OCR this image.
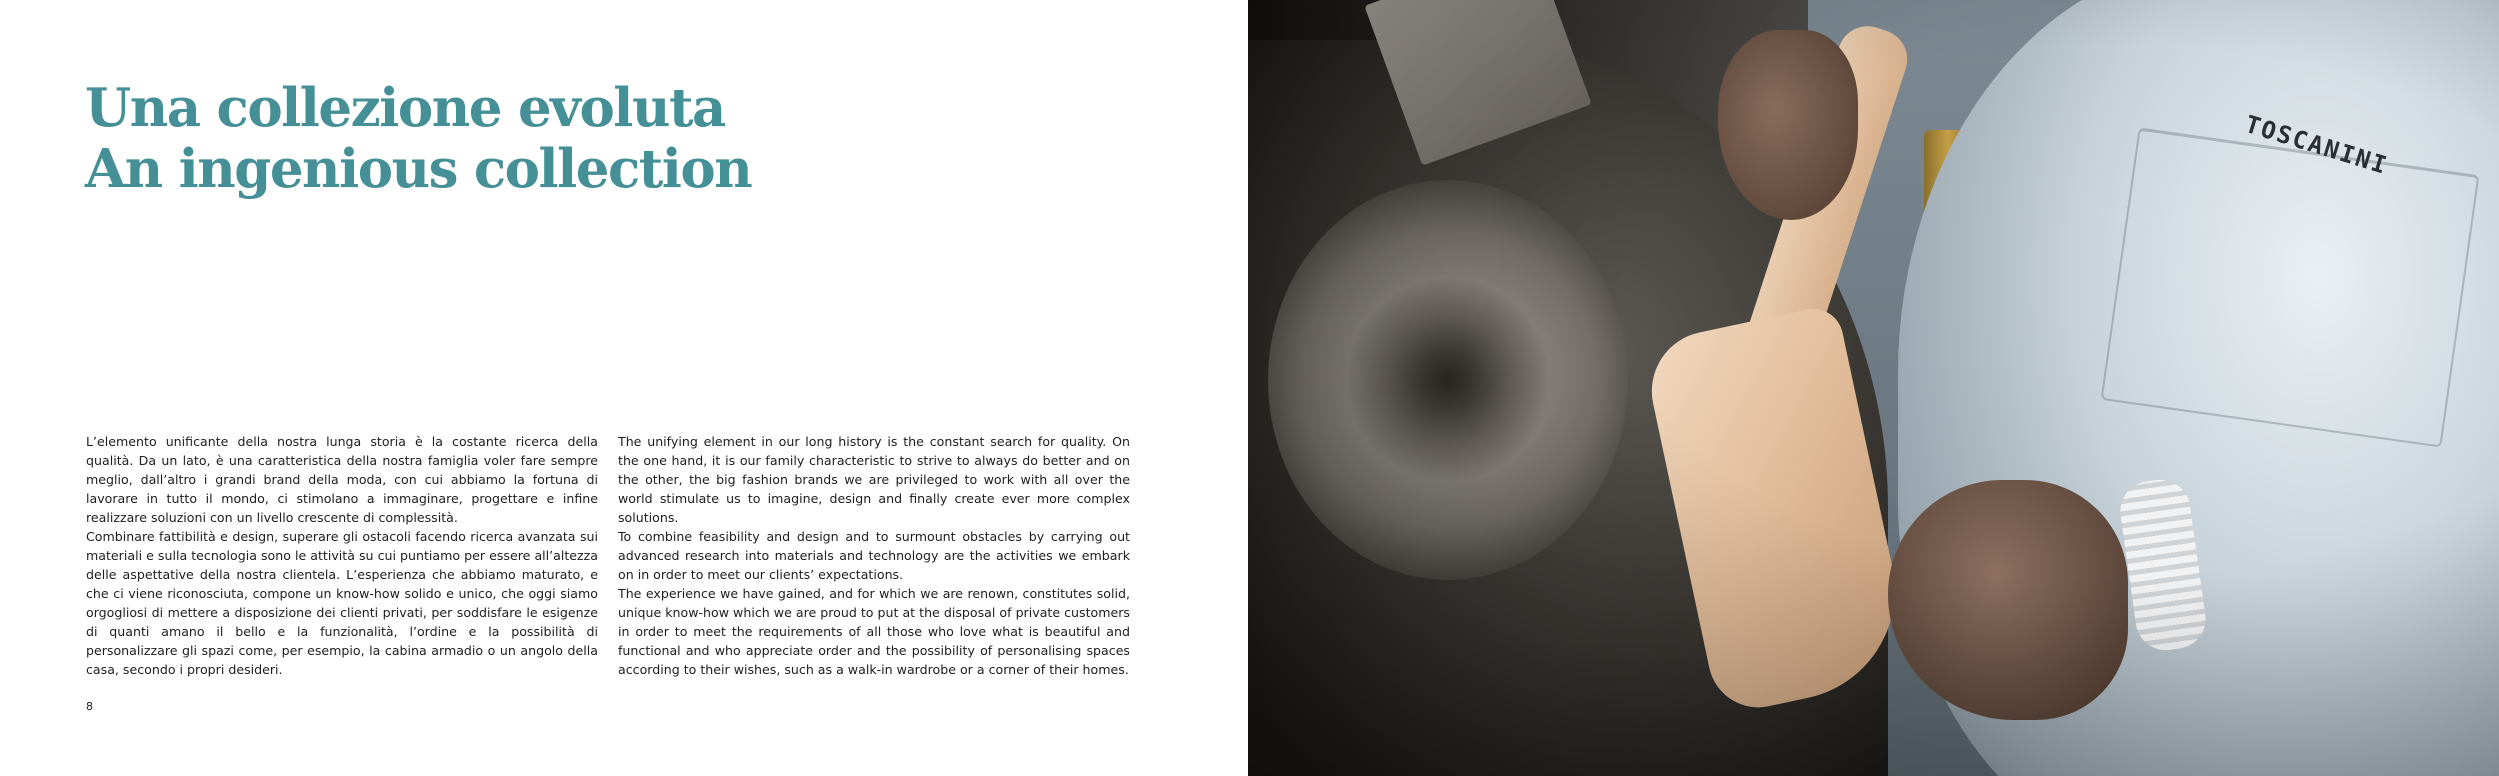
Una collezione evoluta
An ingenious collection

L’elemento unificante della nostra lunga storia è la costante ricerca della qualità. Da un lato, è una caratteristica della nostra famiglia voler fare sempre meglio, dall’altro i grandi brand della moda, con cui abbiamo la fortuna di lavorare in tutto il mondo, ci stimolano a immaginare, progettare e infine realizzare soluzioni con un livello crescente di complessità.

Combinare fattibilità e design, superare gli ostacoli facendo ricerca avanzata sui materiali e sulla tecnologia sono le attività su cui puntiamo per essere all’altezza delle aspettative della nostra clientela. L’esperienza che abbiamo maturato, e che ci viene riconosciuta, compone un know-how solido e unico, che oggi siamo orgogliosi di mettere a disposizione dei clienti privati, per soddisfare le esigenze di quanti amano il bello e la funzionalità, l’ordine e la possibilità di personalizzare gli spazi come, per esempio, la cabina armadio o un angolo della casa, secondo i propri desideri.

The unifying element in our long history is the constant search for quality. On the one hand, it is our family characteristic to strive to always do better and on the other, the big fashion brands we are privileged to work with all over the world stimulate us to imagine, design and finally create ever more complex solutions.

To combine feasibility and design and to surmount obstacles by carrying out advanced research into materials and technology are the activities we embark on in order to meet our clients’ expectations.

The experience we have gained, and for which we are renown, constitutes solid, unique know-how which we are proud to put at the disposal of private customers in order to meet the requirements of all those who love what is beautiful and functional and who appreciate order and the possibility of personalising spaces according to their wishes, such as a walk-in wardrobe or a corner of their homes.

8
